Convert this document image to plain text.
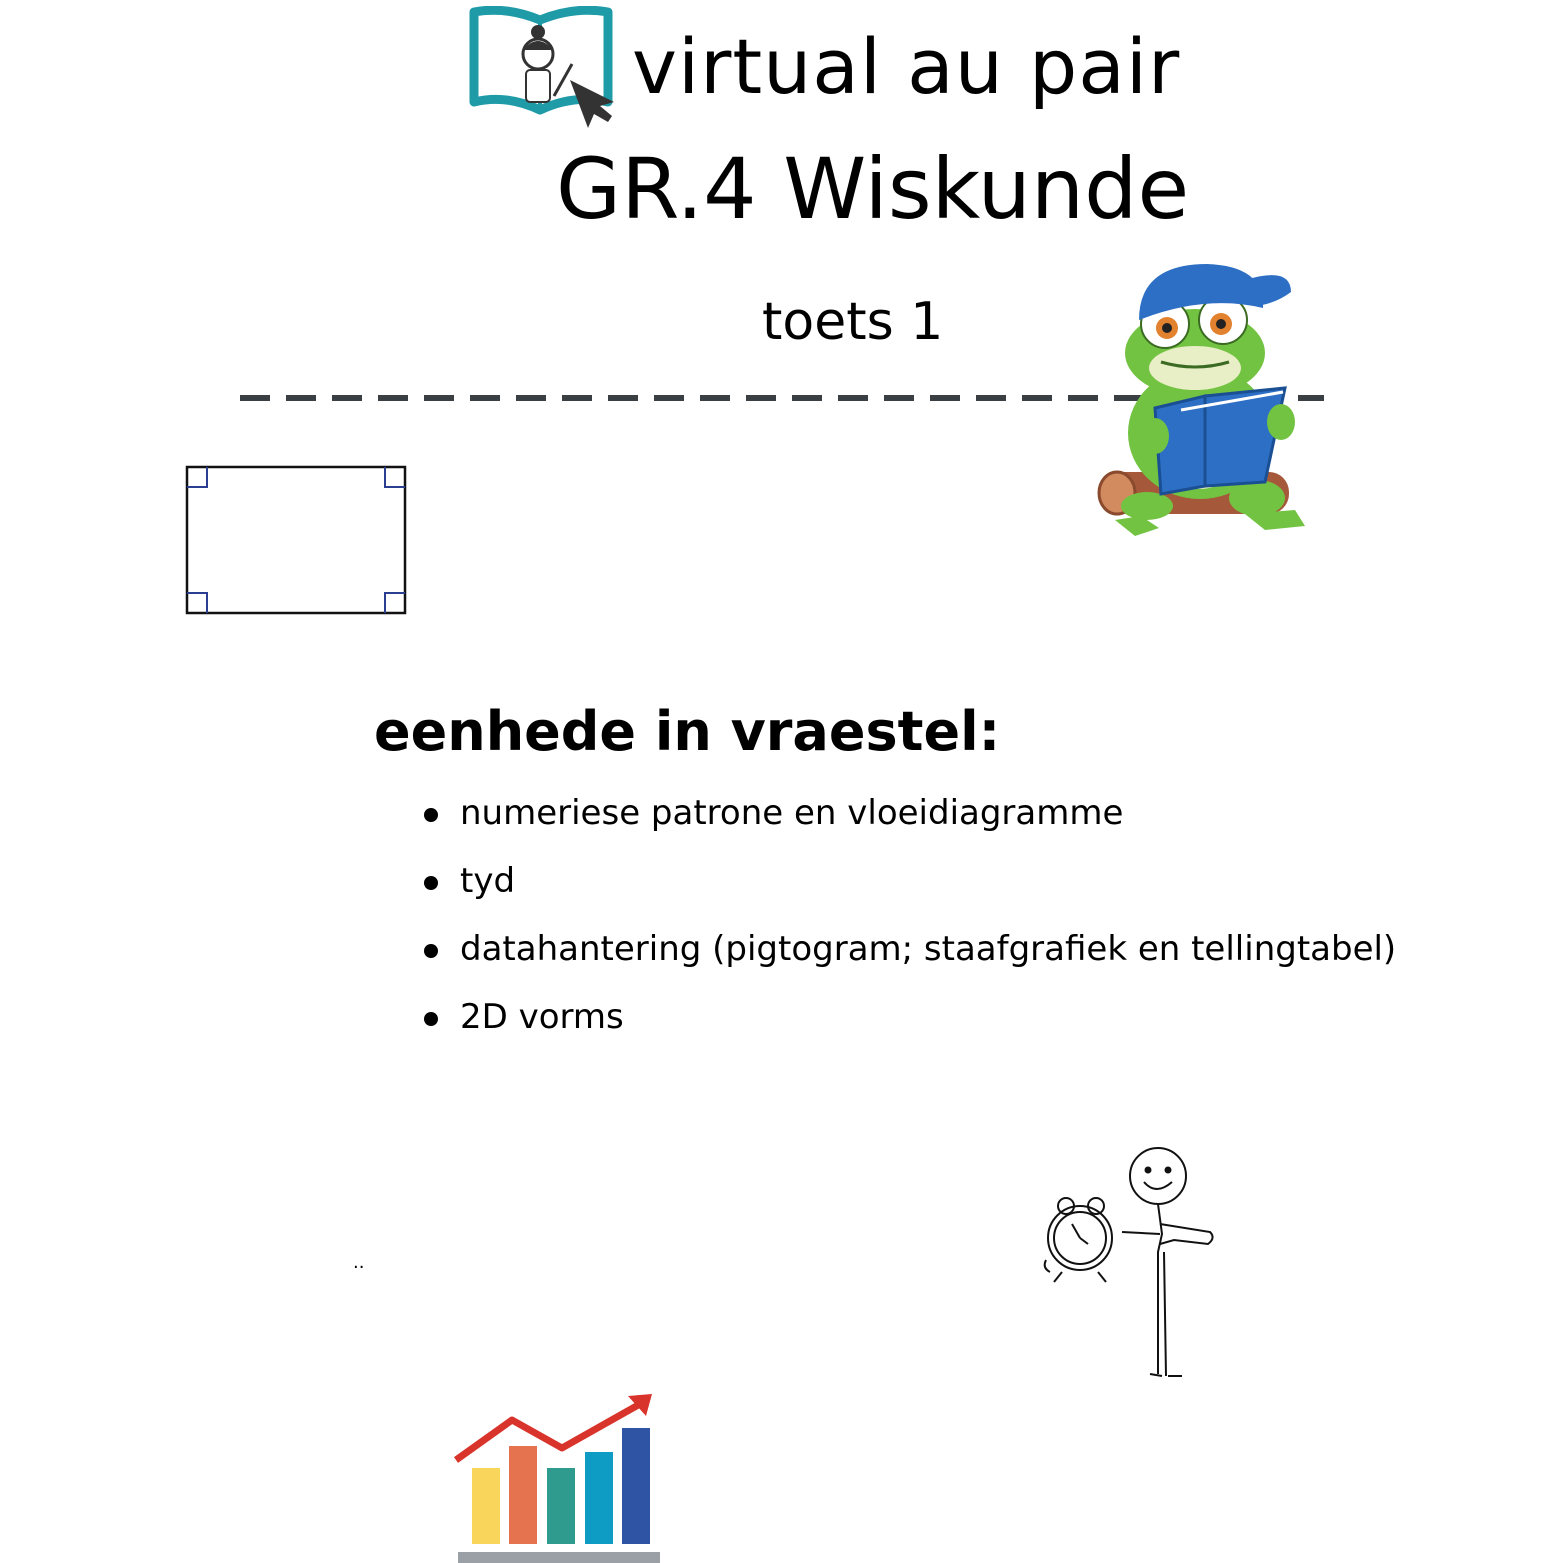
virtual au pair
GR.4 Wiskunde
toets 1
eenhede in vraestel:
numeriese patrone en vloeidiagramme
tyd
datahantering (pigtogram; staafgrafiek en tellingtabel)
2D vorms
..
